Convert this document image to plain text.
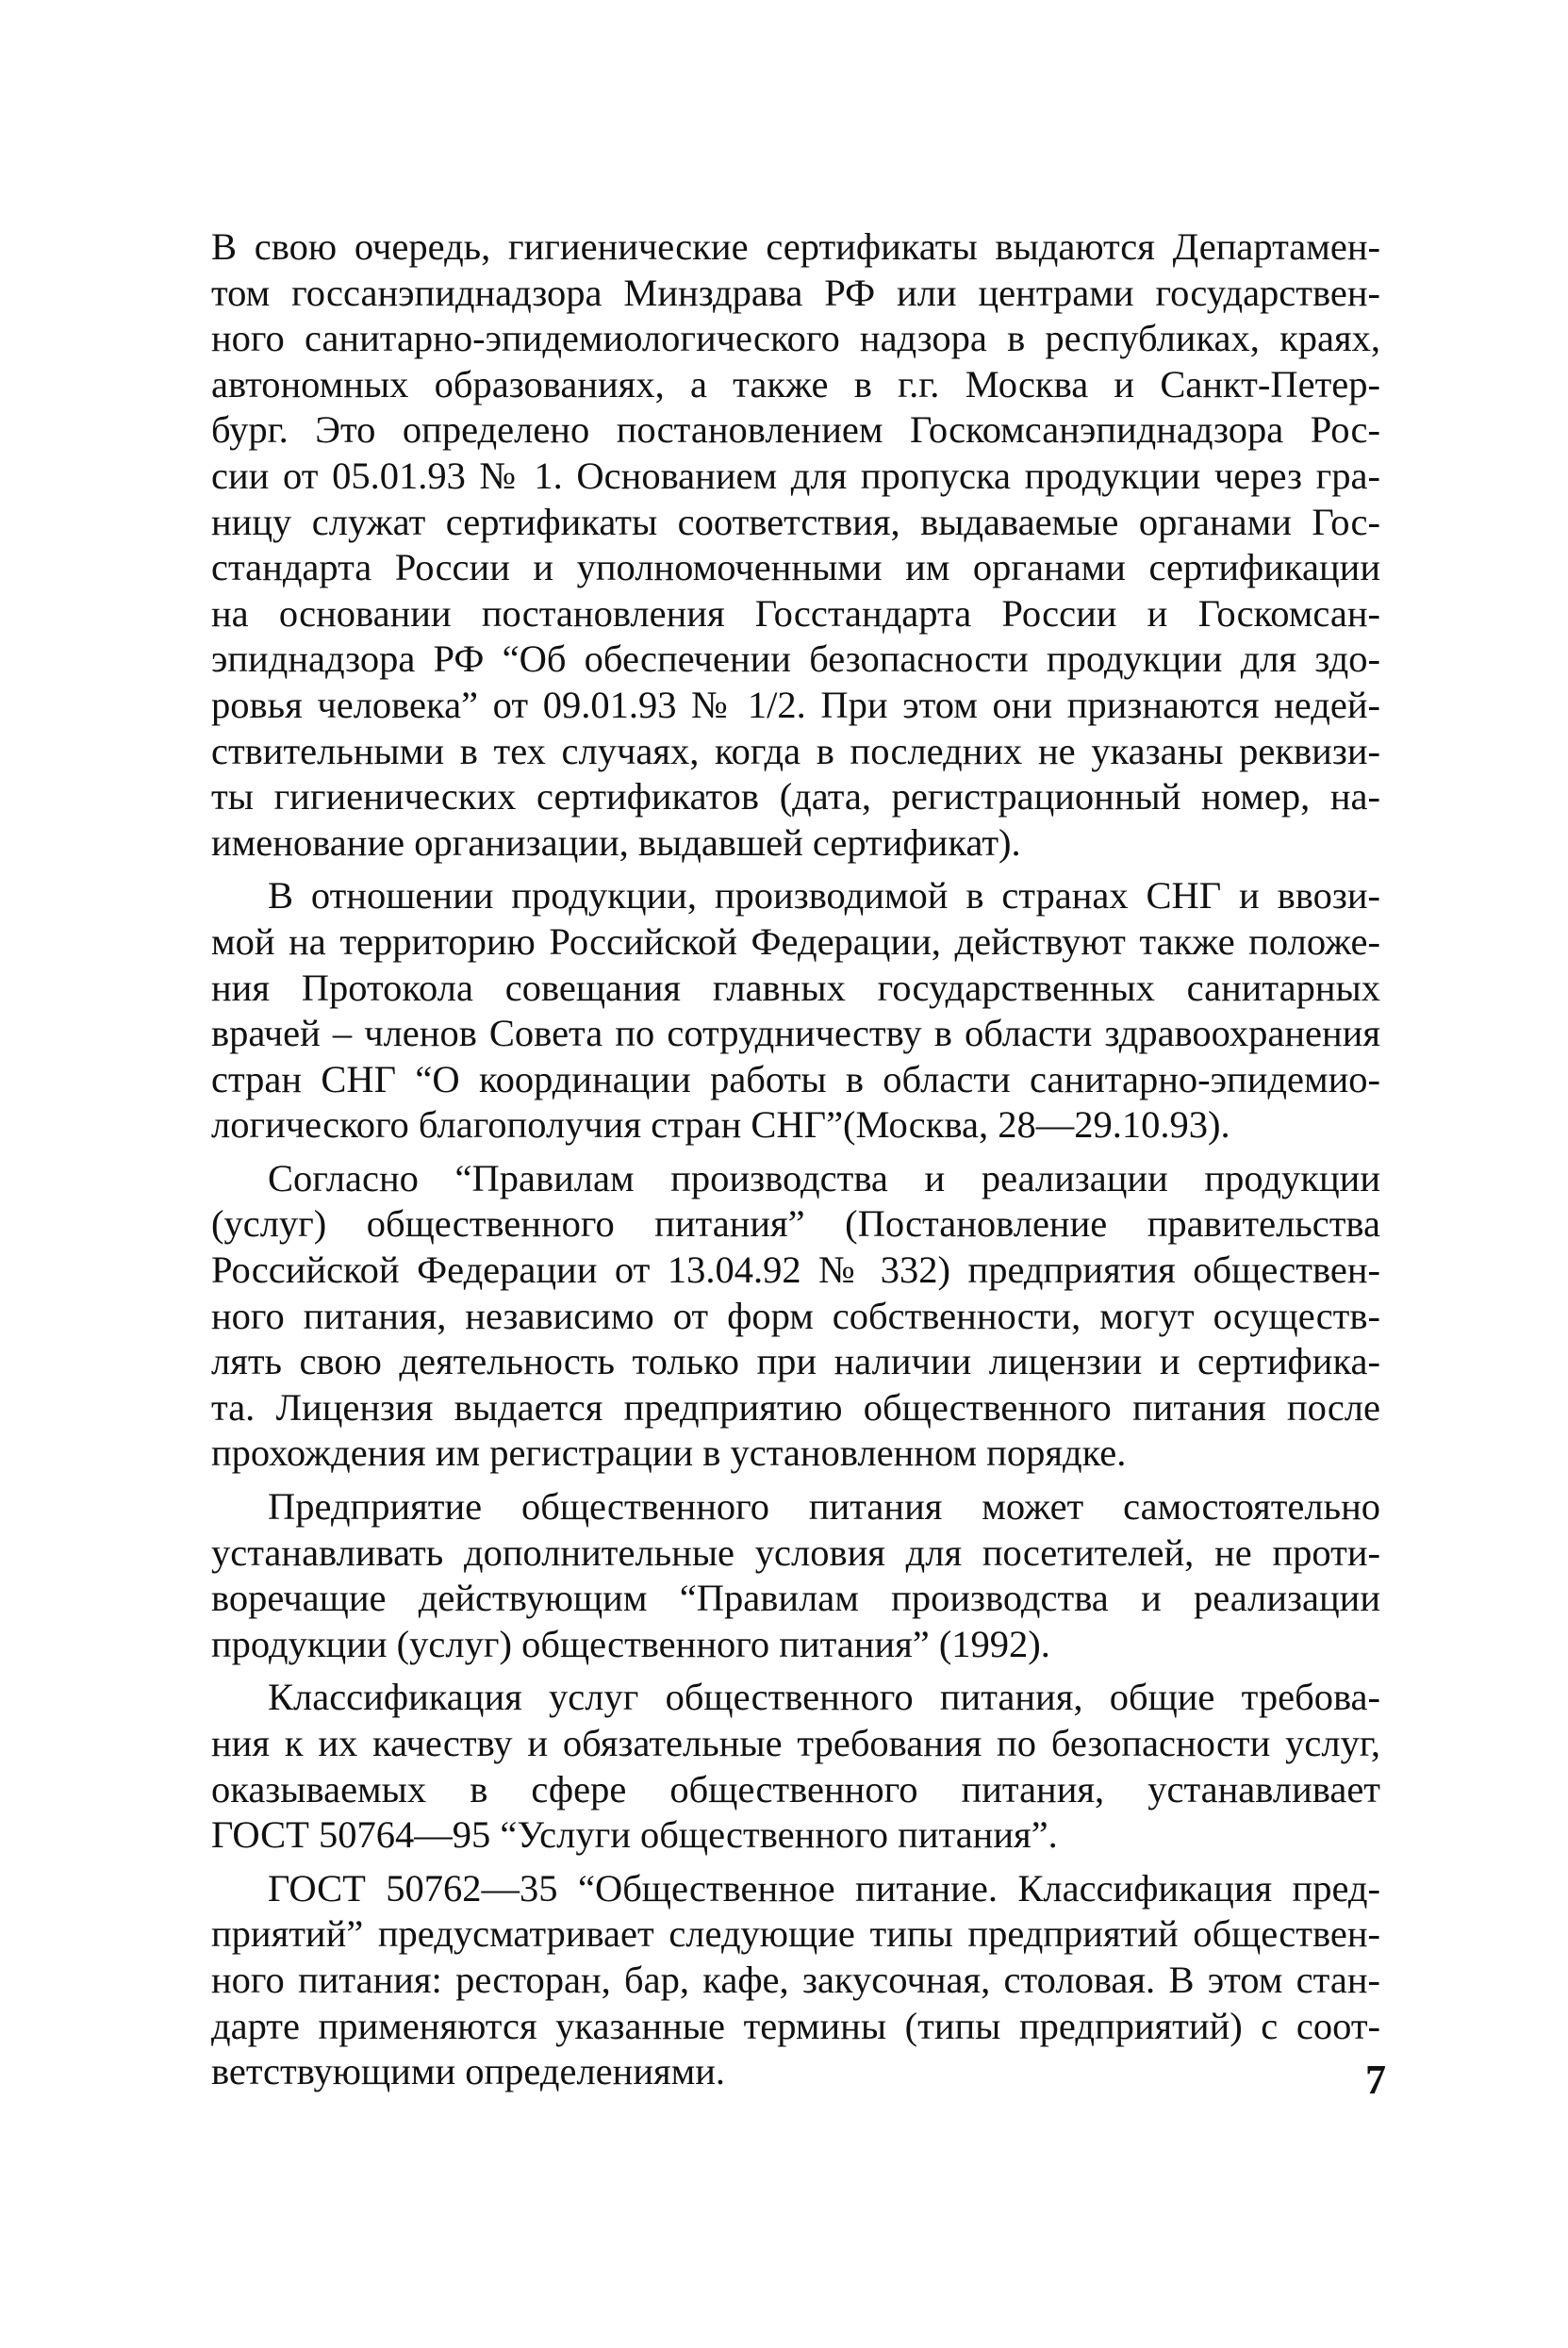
В свою очередь, гигиенические сертификаты выдаются Департамен-
том госсанэпиднадзора Минздрава РФ или центрами государствен-
ного санитарно-эпидемиологического надзора в республиках, краях,
автономных образованиях, а также в г.г. Москва и Санкт-Петер-
бург. Это определено постановлением Госкомсанэпиднадзора Рос-
сии от 05.01.93 № 1. Основанием для пропуска продукции через гра-
ницу служат сертификаты соответствия, выдаваемые органами Гос-
стандарта России и уполномоченными им органами сертификации
на основании постановления Госстандарта России и Госкомсан-
эпиднадзора РФ “Об обеспечении безопасности продукции для здо-
ровья человека” от 09.01.93 № 1/2. При этом они признаются недей-
ствительными в тех случаях, когда в последних не указаны реквизи-
ты гигиенических сертификатов (дата, регистрационный номер, на-
именование организации, выдавшей сертификат).
В отношении продукции, производимой в странах СНГ и ввози-
мой на территорию Российской Федерации, действуют также положе-
ния Протокола совещания главных государственных санитарных
врачей – членов Совета по сотрудничеству в области здравоохранения
стран СНГ “О координации работы в области санитарно-эпидемио-
логического благополучия стран СНГ”(Москва, 28—29.10.93).
Согласно “Правилам производства и реализации продукции
(услуг) общественного питания” (Постановление правительства
Российской Федерации от 13.04.92 № 332) предприятия обществен-
ного питания, независимо от форм собственности, могут осуществ-
лять свою деятельность только при наличии лицензии и сертифика-
та. Лицензия выдается предприятию общественного питания после
прохождения им регистрации в установленном порядке.
Предприятие общественного питания может самостоятельно
устанавливать дополнительные условия для посетителей, не проти-
воречащие действующим “Правилам производства и реализации
продукции (услуг) общественного питания” (1992).
Классификация услуг общественного питания, общие требова-
ния к их качеству и обязательные требования по безопасности услуг,
оказываемых в сфере общественного питания, устанавливает
ГОСТ 50764—95 “Услуги общественного питания”.
ГОСТ 50762—35 “Общественное питание. Классификация пред-
приятий” предусматривает следующие типы предприятий обществен-
ного питания: ресторан, бар, кафе, закусочная, столовая. В этом стан-
дарте применяются указанные термины (типы предприятий) с соот-
ветствующими определениями.	7
